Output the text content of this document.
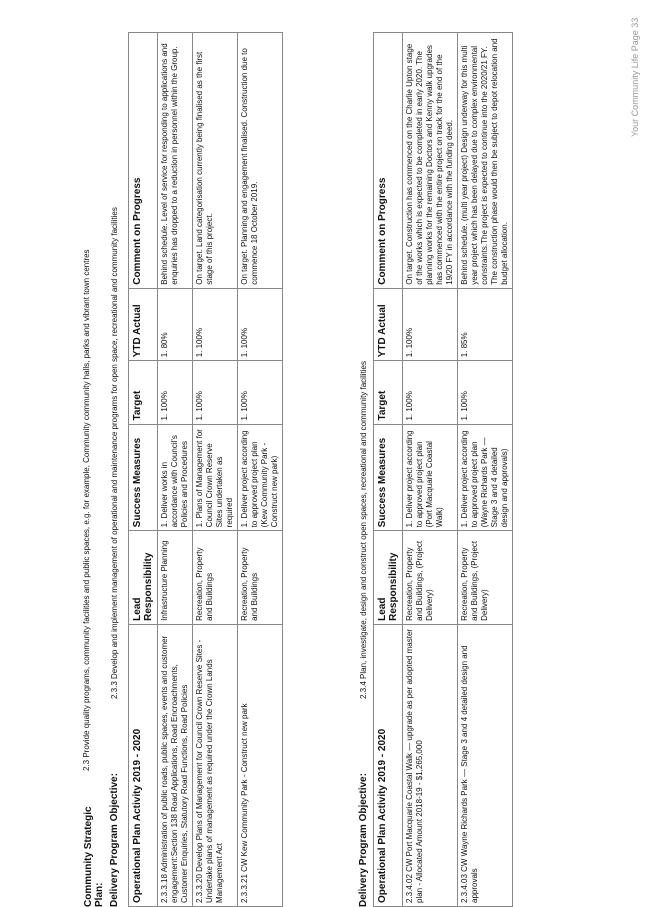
Community Strategic Plan:
2.3 Provide quality programs, community facilities and public spaces, e.g. for example, Community community halls, parks and vibrant town centres
Delivery Program Objective:
2.3.3 Develop and implement management of operational and maintenance programs for open space, recreational and community facilities
Operational Plan Activity 2019 - 2020	Lead Responsibility	Success Measures	Target	YTD Actual	Comment on Progress
2.3.3.18 Administration of public roads, public spaces, events and customer engagement:Section 138 Road Applications, Road Encroachments, Customer Enquiries, Statutory Road Functions, Road Policies	Infrastructure Planning	1. Deliver works in accordance with Council's Policies and Procedures	1. 100%	1. 80%	Behind schedule. Level of service for responding to applications and enquiries has dropped to a reduction in personnel within the Group.
2.3.3.20 Develop Plans of Management for Council Crown Reserve Sites - Undertake plans of management as required under the Crown Lands Management Act	Recreation, Property and Buildings	1. Plans of Management for Council Crown Reserve Sites undertaken as required	1. 100%	1. 100%	On target. Land categorisation currently being finalised as the first stage of this project.
2.3.3.21 CW Kew Community Park - Construct new park	Recreation, Property and Buildings	1. Deliver project according to approved project plan (Kew Community Park - Construct new park)	1. 100%	1. 100%	On target. Planning and engagement finalised. Construction due to commence 18 October 2019.
Delivery Program Objective:
2.3.4 Plan, investigate, design and construct open spaces, recreational and community facilities
Operational Plan Activity 2019 - 2020	Lead Responsibility	Success Measures	Target	YTD Actual	Comment on Progress
2.3.4.02 CW Port Macquarie Coastal Walk — upgrade as per adopted master plan - Allocated Amount 2018-19 - $1,265,000	Recreation, Property and Buildings, (Project Delivery)	1. Deliver project according to approved project plan (Port Macquarie Coastal Walk)	1. 100%	1. 100%	On target. Construction has commenced on the Charlie Upton stage of the works which is expected to be completed in early 2020. The planning works for the remaining Doctors and Kenny walk upgrades has commenced with the entire project on track for the end of the 19/20 FY in accordance with the funding deed.
2.3.4.03 CW Wayne Richards Park — Stage 3 and 4 detailed design and approvals	Recreation, Property and Buildings, (Project Delivery)	1. Deliver project according to approved project plan (Wayne Richards Park — Stage 3 and 4 detailed design and approvals)	1. 100%	1. 85%	Behind schedule. (multi year project) Design underway for this multi year project which has been delayed due to complex environmental constraints.The project is expected to continue into the 2020/21 FY. The construction phase would then be subject to depot relocation and budget allocation.
Your Community Life Page 33
